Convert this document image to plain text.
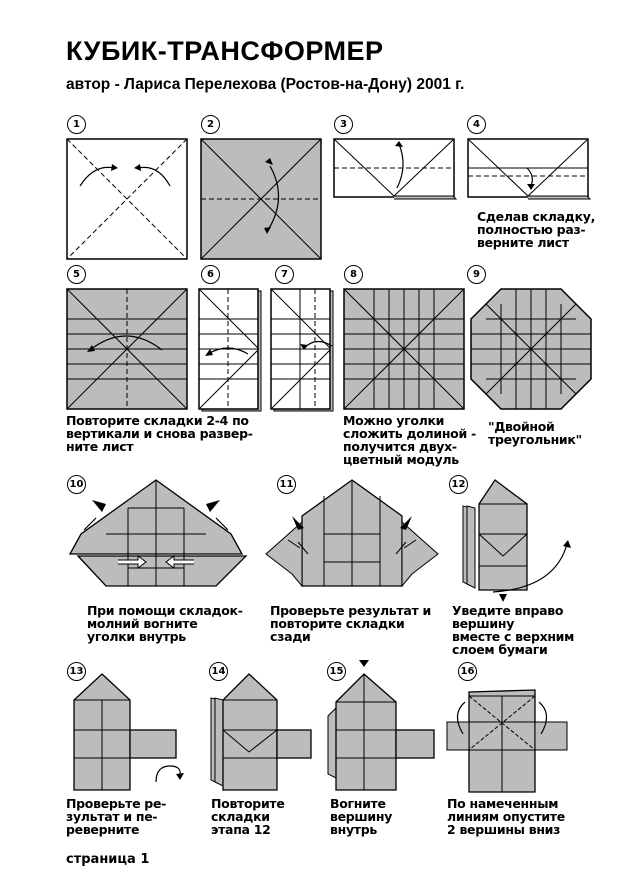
КУБИК-ТРАНСФОРМЕР
автор - Лариса Перелехова (Ростов-на-Дону) 2001 г.
1	2	3	4
5	6	7	8	9
10	11	12
13	14	15	16
Сделав складку,
полностью раз-
верните лист
Повторите складки 2-4 по
вертикали и снова развер-
ните лист
Можно уголки
сложить долиной -
получится двух-
цветный модуль
"Двойной
треугольник"
При помощи складок-
молний вогните
уголки внутрь
Проверьте результат и
повторите складки
сзади
Уведите вправо
вершину
вместе с верхним
слоем бумаги
Проверьте ре-
зультат и пе-
реверните
Повторите
складки
этапа 12
Вогните
вершину
внутрь
По намеченным
линиям опустите
2 вершины вниз
страница 1
